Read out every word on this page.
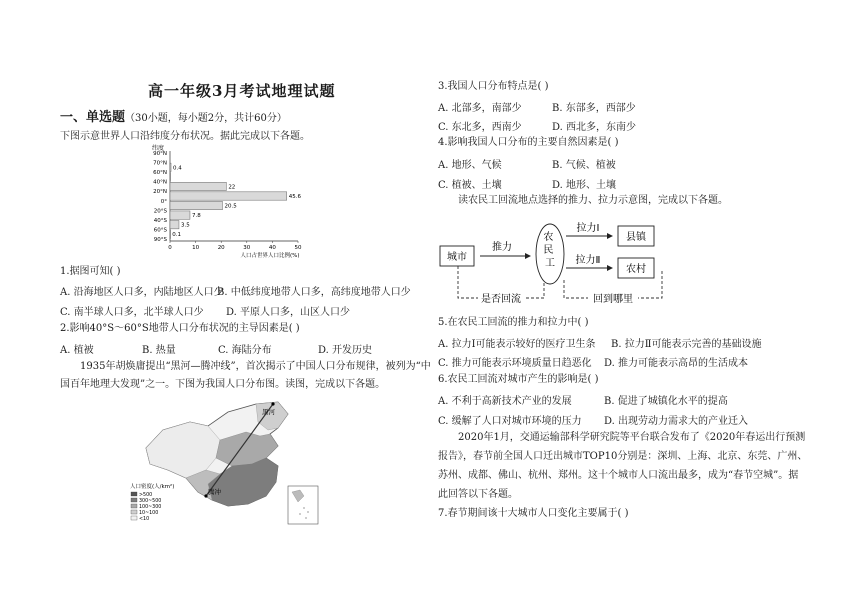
高一年级3月考试地理试题
一、单选题（30小题，每小题2分，共计60分）
下图示意世界人口沿纬度分布状况。据此完成以下各题。
纬度
90°N
70°N
0.4
60°N
40°N
22
20°N
45.6
0°
20.5
20°S
7.8
40°S
3.5
60°S
0.1
90°S
0	10	20	30	40	50
人口占世界人口比例(%)
1.据图可知( )
A. 沿海地区人口多，内陆地区人口少
B. 中低纬度地带人口多，高纬度地带人口少
C. 南半球人口多，北半球人口少 D. 平原人口多，山区人口少
2.影响40°S～60°S地带人口分布状况的主导因素是( )
A. 植被	B. 热量	C. 海陆分布	D. 开发历史
1935年胡焕庸提出“黑河—腾冲线”，首次揭示了中国人口分布规律，被列为“中
国百年地理大发现”之一。下图为我国人口分布图。读图，完成以下各题。
黑河
腾冲
人口密度(人/km²)
>500
300~500
100~300
10~100
<10
3.我国人口分布特点是( )
A. 北部多，南部少	B. 东部多，西部少
C. 东北多，西南少	D. 西北多，东南少
4.影响我国人口分布的主要自然因素是( )
A. 地形、气候	B. 气候、植被
C. 植被、土壤	D. 地形、土壤
读农民工回流地点选择的推力、拉力示意图，完成以下各题。
城市
推力
农 民 工
拉力Ⅰ
拉力Ⅱ
县镇
农村
是否回流	回到哪里
5.在农民工回流的推力和拉力中( )
A. 拉力Ⅰ可能表示较好的医疗卫生条 B. 拉力Ⅱ可能表示完善的基础设施
C. 推力可能表示环境质量日趋恶化 D. 推力可能表示高昂的生活成本
6.农民工回流对城市产生的影响是( )
A. 不利于高新技术产业的发展	B. 促进了城镇化水平的提高
C. 缓解了人口对城市环境的压力 D. 出现劳动力需求大的产业迁入
2020年1月，交通运输部科学研究院等平台联合发布了《2020年春运出行预测
报告》，春节前全国人口迁出城市TOP10分别是：深圳、上海、北京、东莞、广州、
苏州、成都、佛山、杭州、郑州。这十个城市人口流出最多，成为“春节空城”。据
此回答以下各题。
7.春节期间该十大城市人口变化主要属于( )
